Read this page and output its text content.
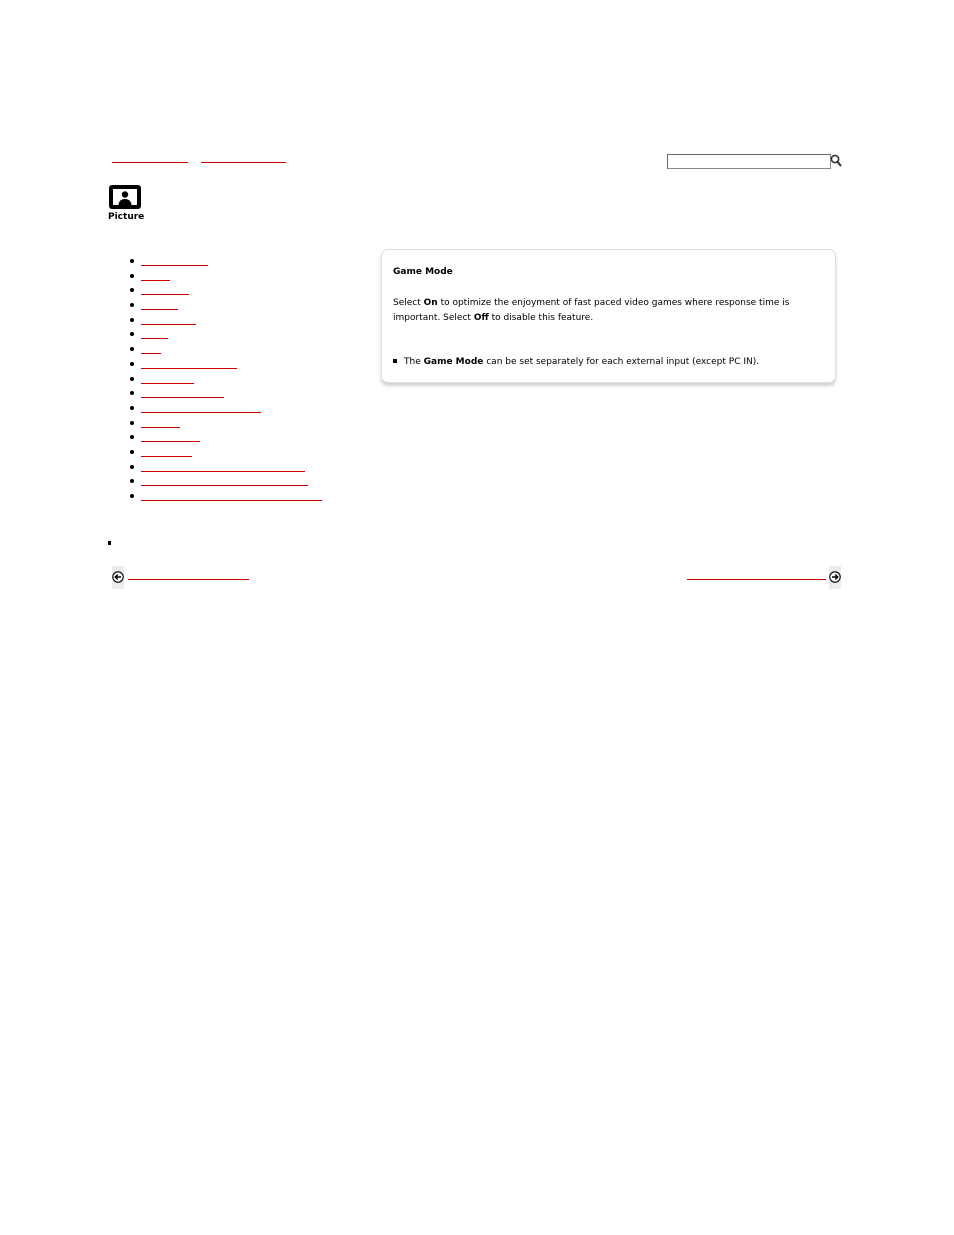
Picture
Game Mode
Select On to optimize the enjoyment of fast paced video games where response time is important. Select Off to disable this feature.
The Game Mode can be set separately for each external input (except PC IN).
